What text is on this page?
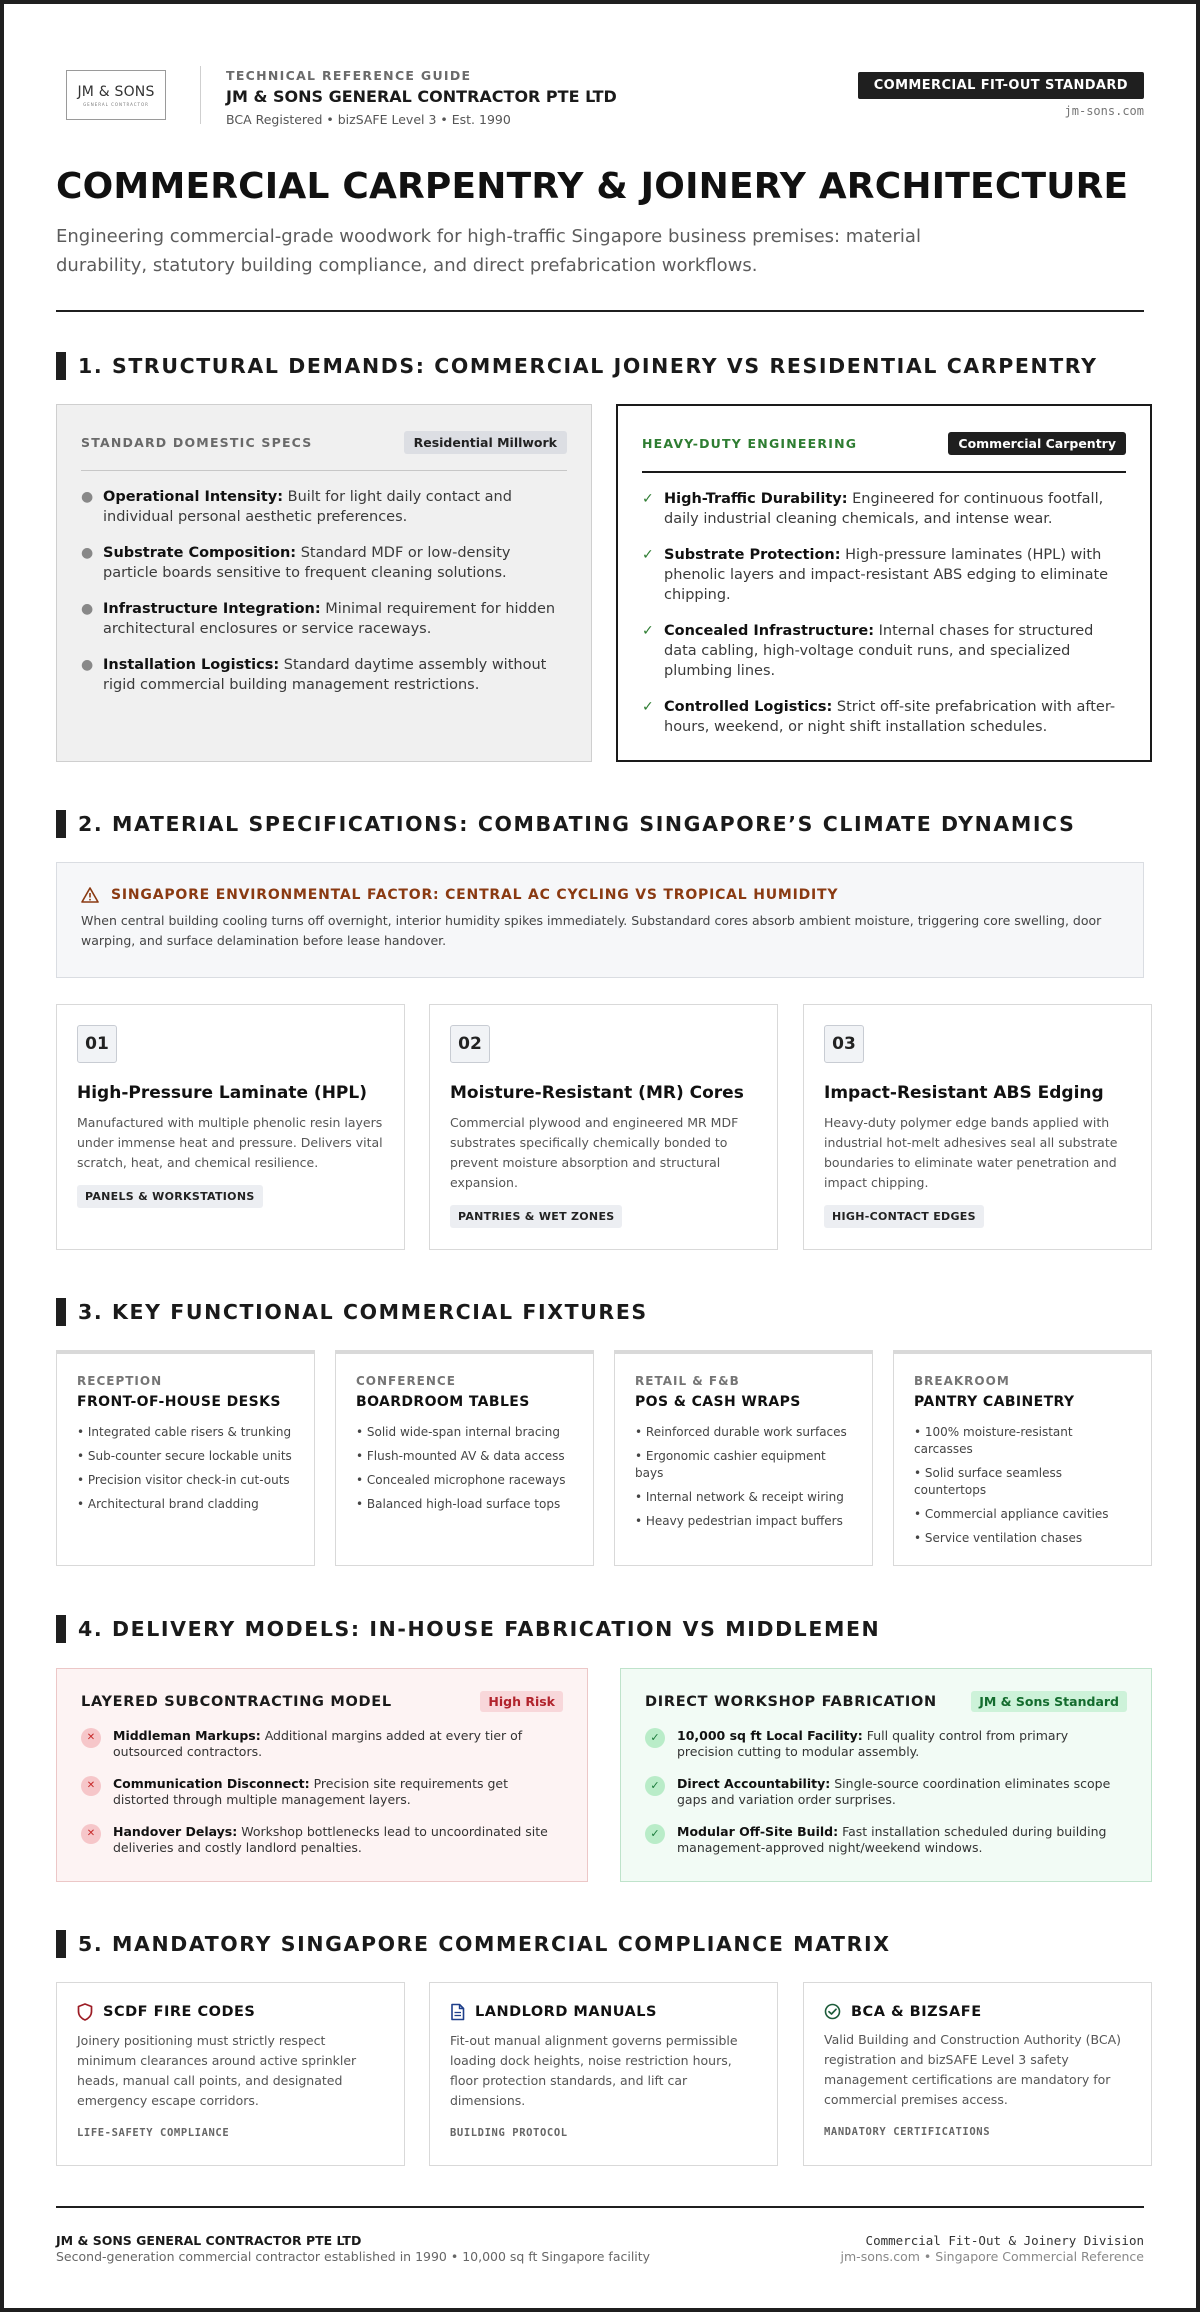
JM & SONS
GENERAL CONTRACTOR
TECHNICAL REFERENCE GUIDE
JM & SONS GENERAL CONTRACTOR PTE LTD
BCA Registered • bizSAFE Level 3 • Est. 1990
COMMERCIAL FIT-OUT STANDARD
jm-sons.com
COMMERCIAL CARPENTRY & JOINERY ARCHITECTURE
Engineering commercial-grade woodwork for high-traffic Singapore business premises: material durability, statutory building compliance, and direct prefabrication workflows.
1. STRUCTURAL DEMANDS: COMMERCIAL JOINERY VS RESIDENTIAL CARPENTRY
STANDARD DOMESTIC SPECS	Residential Millwork
● Operational Intensity: Built for light daily contact and individual personal aesthetic preferences.
● Substrate Composition: Standard MDF or low-density particle boards sensitive to frequent cleaning solutions.
● Infrastructure Integration: Minimal requirement for hidden architectural enclosures or service raceways.
● Installation Logistics: Standard daytime assembly without rigid commercial building management restrictions.
HEAVY-DUTY ENGINEERING	Commercial Carpentry
✓ High-Traffic Durability: Engineered for continuous footfall, daily industrial cleaning chemicals, and intense wear.
✓ Substrate Protection: High-pressure laminates (HPL) with phenolic layers and impact-resistant ABS edging to eliminate chipping.
✓ Concealed Infrastructure: Internal chases for structured data cabling, high-voltage conduit runs, and specialized plumbing lines.
✓ Controlled Logistics: Strict off-site prefabrication with after-hours, weekend, or night shift installation schedules.
2. MATERIAL SPECIFICATIONS: COMBATING SINGAPORE’S CLIMATE DYNAMICS
SINGAPORE ENVIRONMENTAL FACTOR: CENTRAL AC CYCLING VS TROPICAL HUMIDITY
When central building cooling turns off overnight, interior humidity spikes immediately. Substandard cores absorb ambient moisture, triggering core swelling, door warping, and surface delamination before lease handover.
01
High-Pressure Laminate (HPL)
Manufactured with multiple phenolic resin layers under immense heat and pressure. Delivers vital scratch, heat, and chemical resilience.
PANELS & WORKSTATIONS
02
Moisture-Resistant (MR) Cores
Commercial plywood and engineered MR MDF substrates specifically chemically bonded to prevent moisture absorption and structural expansion.
PANTRIES & WET ZONES
03
Impact-Resistant ABS Edging
Heavy-duty polymer edge bands applied with industrial hot-melt adhesives seal all substrate boundaries to eliminate water penetration and impact chipping.
HIGH-CONTACT EDGES
3. KEY FUNCTIONAL COMMERCIAL FIXTURES
RECEPTION
FRONT-OF-HOUSE DESKS
• Integrated cable risers & trunking
• Sub-counter secure lockable units
• Precision visitor check-in cut-outs
• Architectural brand cladding
CONFERENCE
BOARDROOM TABLES
• Solid wide-span internal bracing
• Flush-mounted AV & data access
• Concealed microphone raceways
• Balanced high-load surface tops
RETAIL & F&B
POS & CASH WRAPS
• Reinforced durable work surfaces
• Ergonomic cashier equipment bays
• Internal network & receipt wiring
• Heavy pedestrian impact buffers
BREAKROOM
PANTRY CABINETRY
• 100% moisture-resistant carcasses
• Solid surface seamless countertops
• Commercial appliance cavities
• Service ventilation chases
4. DELIVERY MODELS: IN-HOUSE FABRICATION VS MIDDLEMEN
LAYERED SUBCONTRACTING MODEL	High Risk
✕	Middleman Markups: Additional margins added at every tier of outsourced contractors.
✕	Communication Disconnect: Precision site requirements get distorted through multiple management layers.
✕	Handover Delays: Workshop bottlenecks lead to uncoordinated site deliveries and costly landlord penalties.
DIRECT WORKSHOP FABRICATION	JM & Sons Standard
✓	10,000 sq ft Local Facility: Full quality control from primary precision cutting to modular assembly.
✓	Direct Accountability: Single-source coordination eliminates scope gaps and variation order surprises.
✓	Modular Off-Site Build: Fast installation scheduled during building management-approved night/weekend windows.
5. MANDATORY SINGAPORE COMMERCIAL COMPLIANCE MATRIX
SCDF FIRE CODES
Joinery positioning must strictly respect minimum clearances around active sprinkler heads, manual call points, and designated emergency escape corridors.
LIFE-SAFETY COMPLIANCE
LANDLORD MANUALS
Fit-out manual alignment governs permissible loading dock heights, noise restriction hours, floor protection standards, and lift car dimensions.
BUILDING PROTOCOL
BCA & BIZSAFE
Valid Building and Construction Authority (BCA) registration and bizSAFE Level 3 safety management certifications are mandatory for commercial premises access.
MANDATORY CERTIFICATIONS
JM & SONS GENERAL CONTRACTOR PTE LTD
Second-generation commercial contractor established in 1990 • 10,000 sq ft Singapore facility
Commercial Fit-Out & Joinery Division
jm-sons.com • Singapore Commercial Reference
